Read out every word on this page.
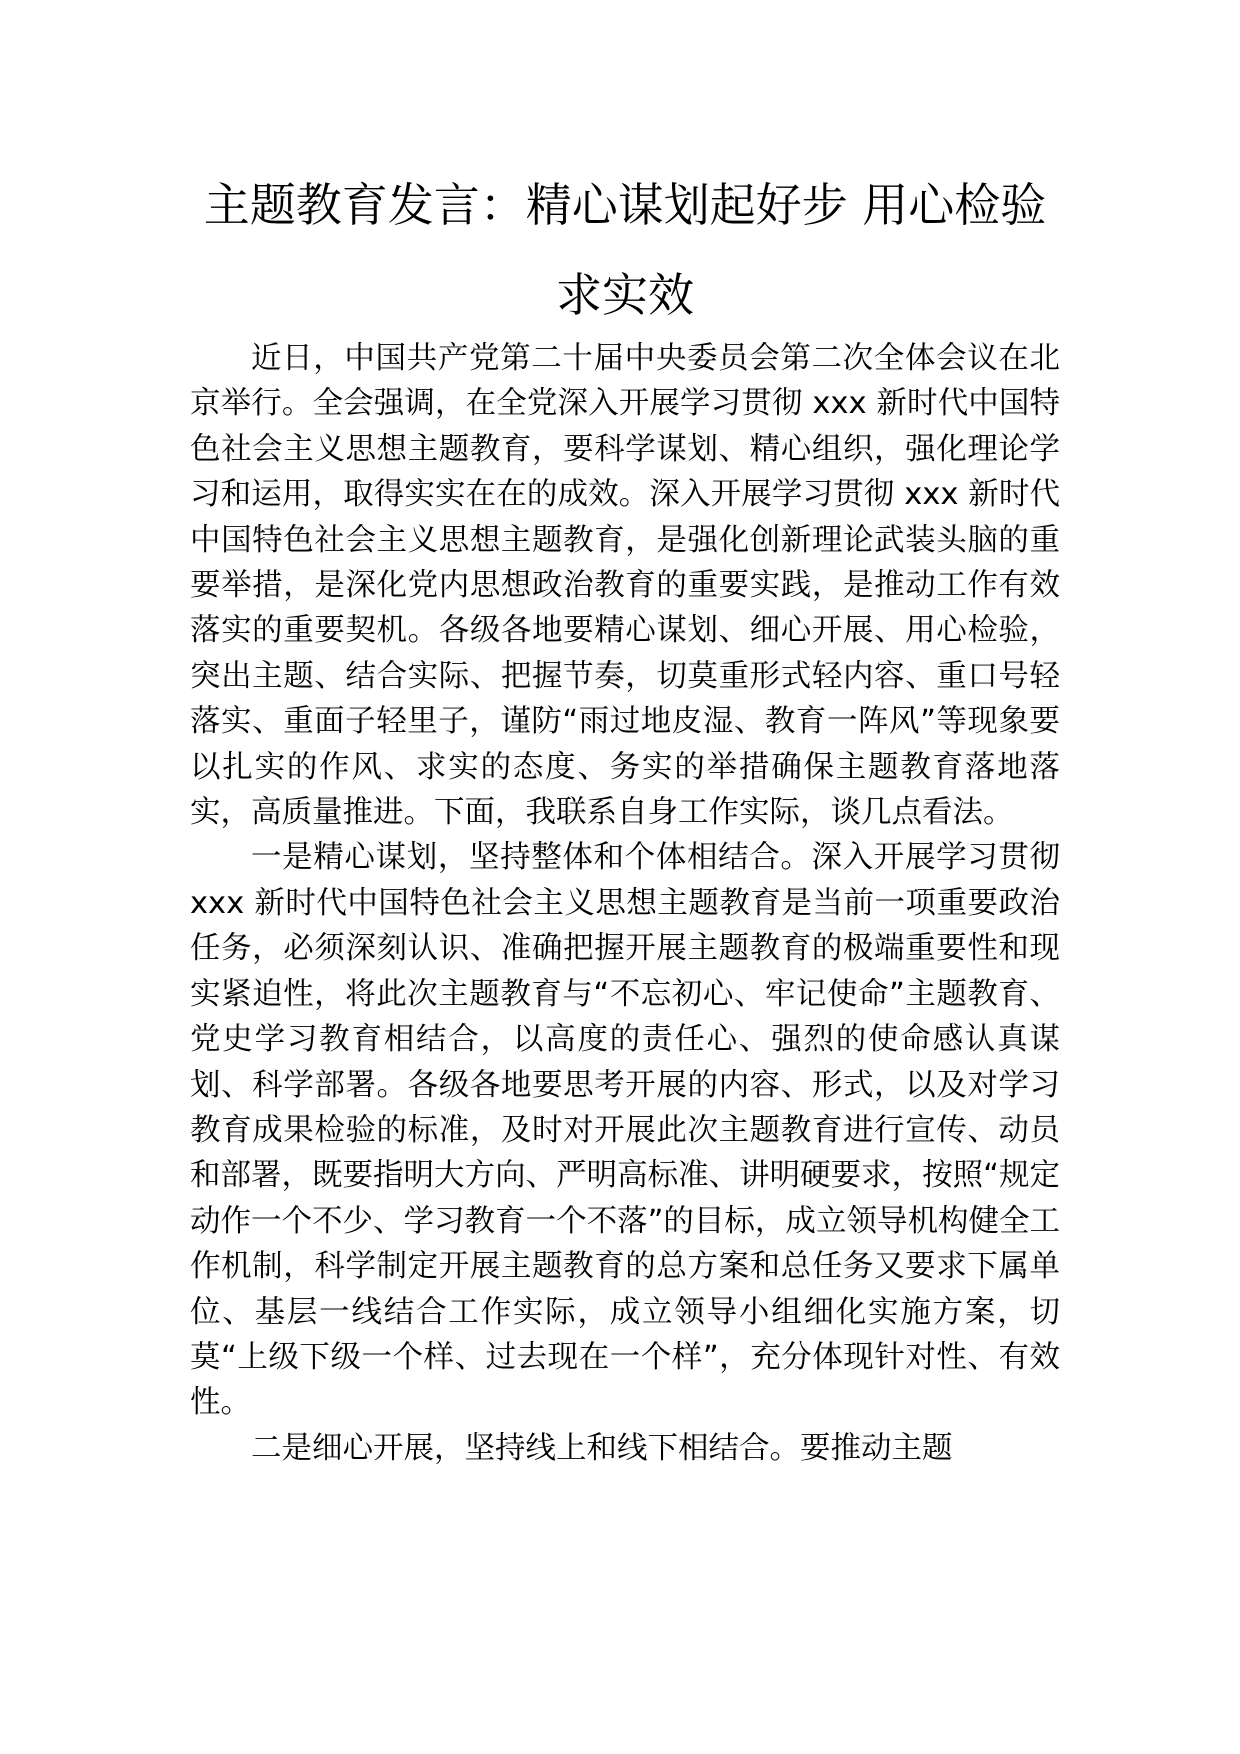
主题教育发言：精心谋划起好步 用心检验求实效

近日，中国共产党第二十届中央委员会第二次全体会议在北京举行。全会强调，在全党深入开展学习贯彻 xxx 新时代中国特色社会主义思想主题教育，要科学谋划、精心组织，强化理论学习和运用，取得实实在在的成效。深入开展学习贯彻 xxx 新时代中国特色社会主义思想主题教育，是强化创新理论武装头脑的重要举措，是深化党内思想政治教育的重要实践，是推动工作有效落实的重要契机。各级各地要精心谋划、细心开展、用心检验，突出主题、结合实际、把握节奏，切莫重形式轻内容、重口号轻落实、重面子轻里子，谨防“雨过地皮湿、教育一阵风”等现象要以扎实的作风、求实的态度、务实的举措确保主题教育落地落实，高质量推进。下面，我联系自身工作实际，谈几点看法。

一是精心谋划，坚持整体和个体相结合。深入开展学习贯彻 xxx 新时代中国特色社会主义思想主题教育是当前一项重要政治任务，必须深刻认识、准确把握开展主题教育的极端重要性和现实紧迫性，将此次主题教育与“不忘初心、牢记使命”主题教育、党史学习教育相结合，以高度的责任心、强烈的使命感认真谋划、科学部署。各级各地要思考开展的内容、形式，以及对学习教育成果检验的标准，及时对开展此次主题教育进行宣传、动员和部署，既要指明大方向、严明高标准、讲明硬要求，按照“规定动作一个不少、学习教育一个不落”的目标，成立领导机构健全工作机制，科学制定开展主题教育的总方案和总任务又要求下属单位、基层一线结合工作实际，成立领导小组细化实施方案，切莫“上级下级一个样、过去现在一个样”，充分体现针对性、有效性。

二是细心开展，坚持线上和线下相结合。要推动主题
